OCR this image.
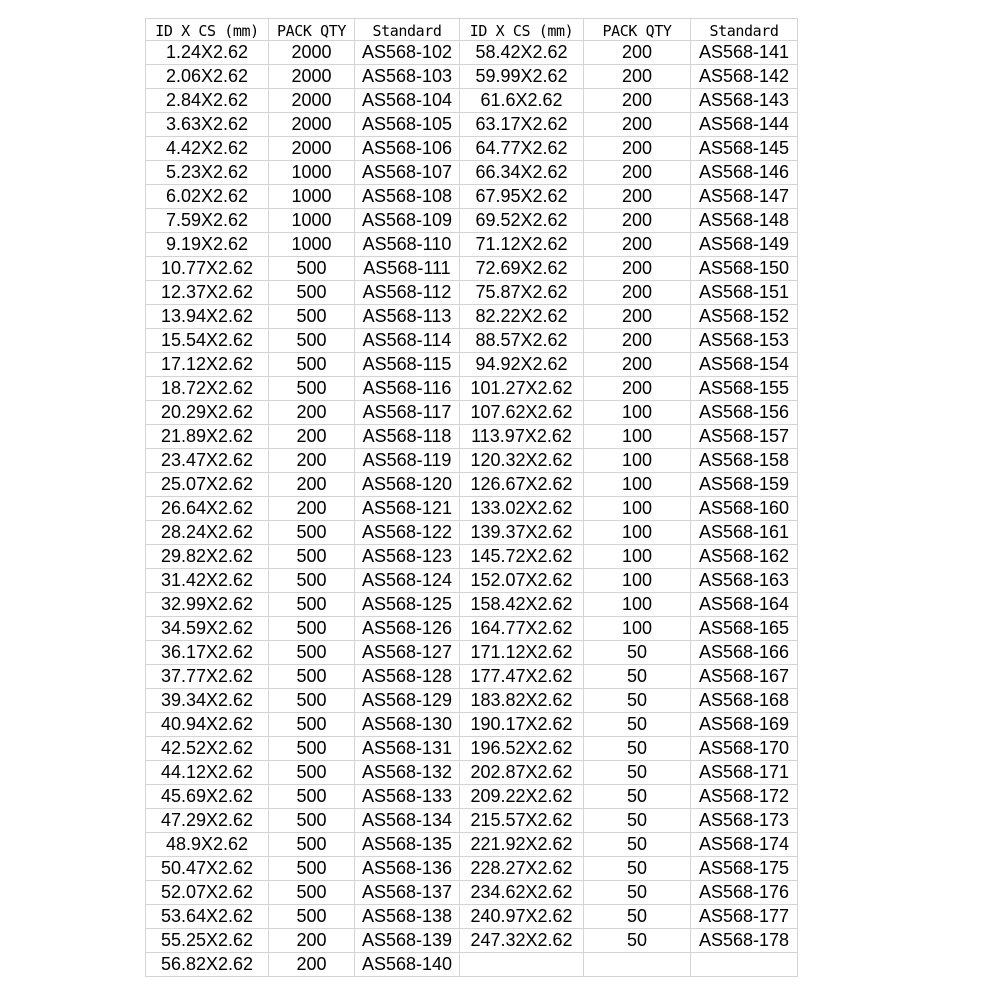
ID X CS (mm)	PACK QTY	Standard	ID X CS (mm)	PACK QTY	Standard
1.24X2.62	2000	AS568-102	58.42X2.62	200	AS568-141
2.06X2.62	2000	AS568-103	59.99X2.62	200	AS568-142
2.84X2.62	2000	AS568-104	61.6X2.62	200	AS568-143
3.63X2.62	2000	AS568-105	63.17X2.62	200	AS568-144
4.42X2.62	2000	AS568-106	64.77X2.62	200	AS568-145
5.23X2.62	1000	AS568-107	66.34X2.62	200	AS568-146
6.02X2.62	1000	AS568-108	67.95X2.62	200	AS568-147
7.59X2.62	1000	AS568-109	69.52X2.62	200	AS568-148
9.19X2.62	1000	AS568-110	71.12X2.62	200	AS568-149
10.77X2.62	500	AS568-111	72.69X2.62	200	AS568-150
12.37X2.62	500	AS568-112	75.87X2.62	200	AS568-151
13.94X2.62	500	AS568-113	82.22X2.62	200	AS568-152
15.54X2.62	500	AS568-114	88.57X2.62	200	AS568-153
17.12X2.62	500	AS568-115	94.92X2.62	200	AS568-154
18.72X2.62	500	AS568-116	101.27X2.62	200	AS568-155
20.29X2.62	200	AS568-117	107.62X2.62	100	AS568-156
21.89X2.62	200	AS568-118	113.97X2.62	100	AS568-157
23.47X2.62	200	AS568-119	120.32X2.62	100	AS568-158
25.07X2.62	200	AS568-120	126.67X2.62	100	AS568-159
26.64X2.62	200	AS568-121	133.02X2.62	100	AS568-160
28.24X2.62	500	AS568-122	139.37X2.62	100	AS568-161
29.82X2.62	500	AS568-123	145.72X2.62	100	AS568-162
31.42X2.62	500	AS568-124	152.07X2.62	100	AS568-163
32.99X2.62	500	AS568-125	158.42X2.62	100	AS568-164
34.59X2.62	500	AS568-126	164.77X2.62	100	AS568-165
36.17X2.62	500	AS568-127	171.12X2.62	50	AS568-166
37.77X2.62	500	AS568-128	177.47X2.62	50	AS568-167
39.34X2.62	500	AS568-129	183.82X2.62	50	AS568-168
40.94X2.62	500	AS568-130	190.17X2.62	50	AS568-169
42.52X2.62	500	AS568-131	196.52X2.62	50	AS568-170
44.12X2.62	500	AS568-132	202.87X2.62	50	AS568-171
45.69X2.62	500	AS568-133	209.22X2.62	50	AS568-172
47.29X2.62	500	AS568-134	215.57X2.62	50	AS568-173
48.9X2.62	500	AS568-135	221.92X2.62	50	AS568-174
50.47X2.62	500	AS568-136	228.27X2.62	50	AS568-175
52.07X2.62	500	AS568-137	234.62X2.62	50	AS568-176
53.64X2.62	500	AS568-138	240.97X2.62	50	AS568-177
55.25X2.62	200	AS568-139	247.32X2.62	50	AS568-178
56.82X2.62	200	AS568-140			
